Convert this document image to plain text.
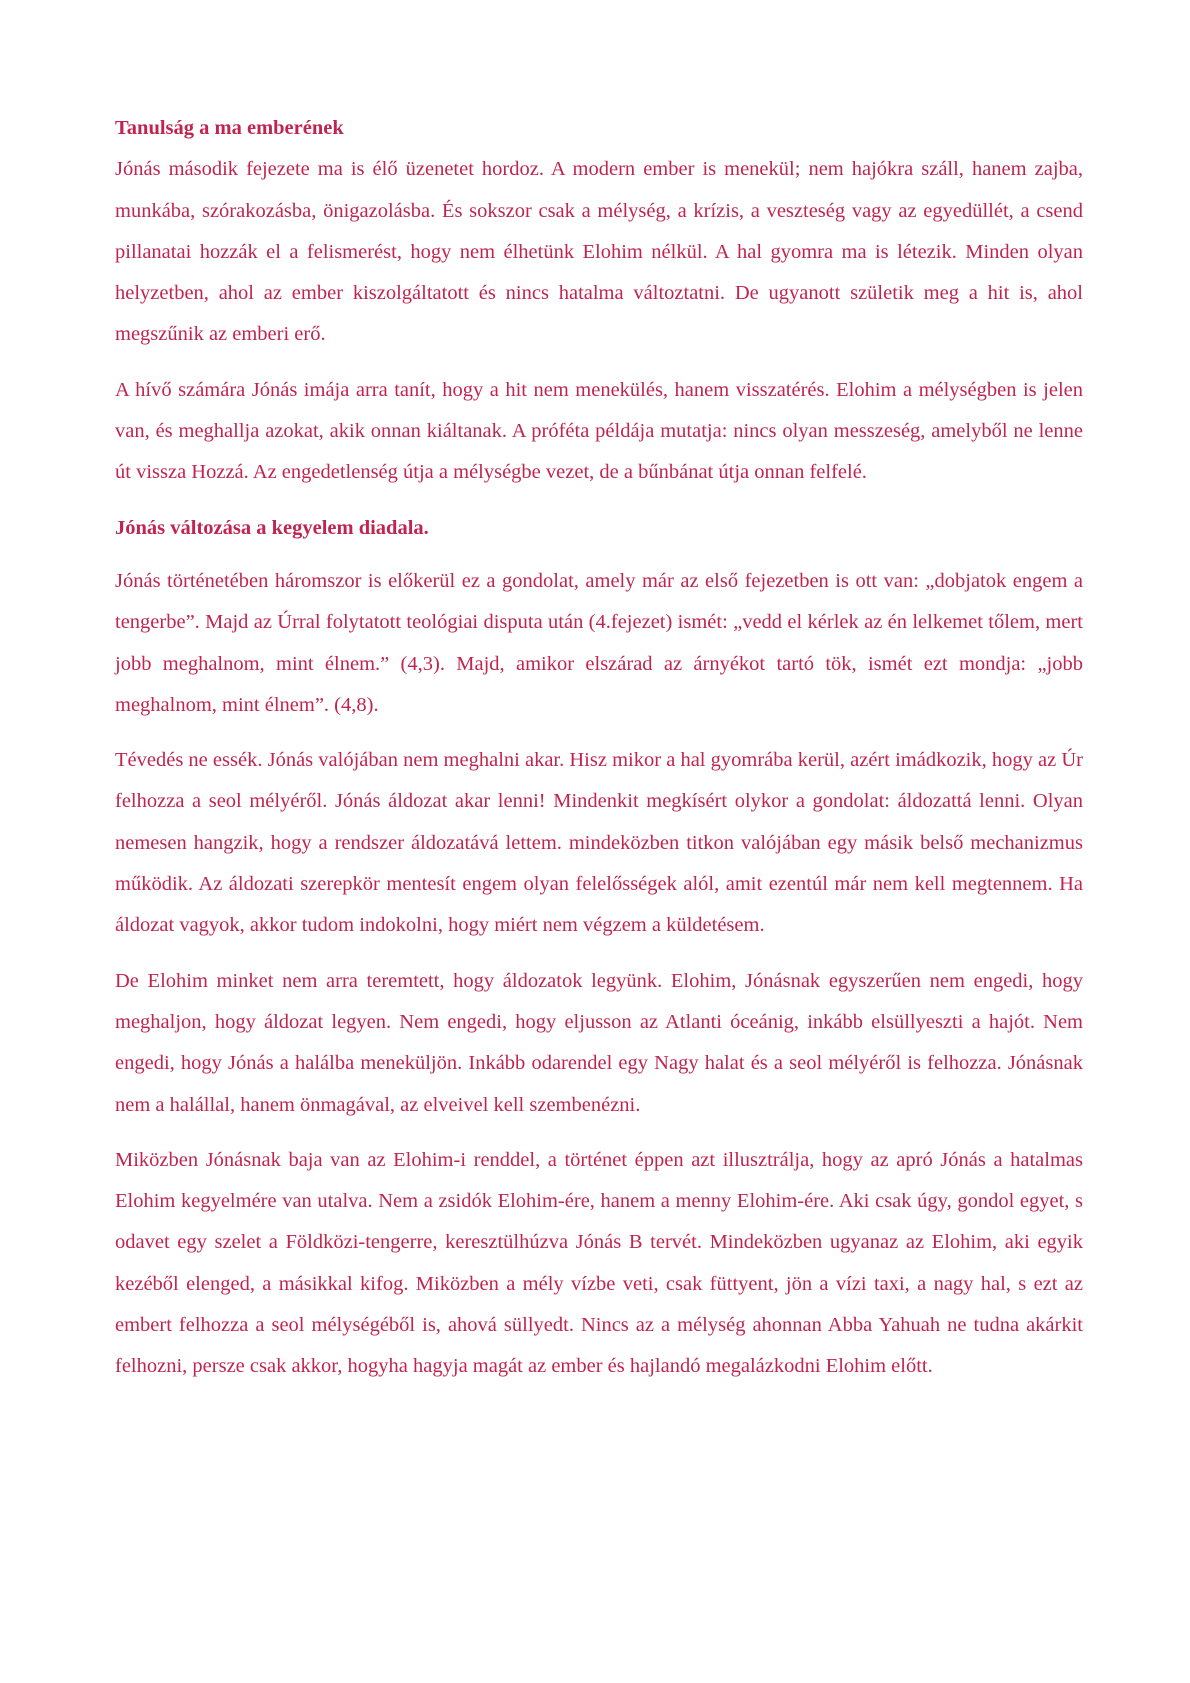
Tanulság a ma emberének

Jónás második fejezete ma is élő üzenetet hordoz. A modern ember is menekül; nem hajókra száll, hanem zajba, munkába, szórakozásba, önigazolásba. És sokszor csak a mélység, a krízis, a veszteség vagy az egyedüllét, a csend pillanatai hozzák el a felismerést, hogy nem élhetünk Elohim nélkül. A hal gyomra ma is létezik. Minden olyan helyzetben, ahol az ember kiszolgáltatott és nincs hatalma változtatni. De ugyanott születik meg a hit is, ahol megszűnik az emberi erő.

A hívő számára Jónás imája arra tanít, hogy a hit nem menekülés, hanem visszatérés. Elohim a mélységben is jelen van, és meghallja azokat, akik onnan kiáltanak. A próféta példája mutatja: nincs olyan messzeség, amelyből ne lenne út vissza Hozzá. Az engedetlenség útja a mélységbe vezet, de a bűnbánat útja onnan felfelé.

Jónás változása a kegyelem diadala.

Jónás történetében háromszor is előkerül ez a gondolat, amely már az első fejezetben is ott van: „dobjatok engem a tengerbe”. Majd az Úrral folytatott teológiai disputa után (4.fejezet) ismét: „vedd el kérlek az én lelkemet tőlem, mert jobb meghalnom, mint élnem.” (4,3). Majd, amikor elszárad az árnyékot tartó tök, ismét ezt mondja: „jobb meghalnom, mint élnem”. (4,8).

Tévedés ne essék. Jónás valójában nem meghalni akar. Hisz mikor a hal gyomrába kerül, azért imádkozik, hogy az Úr felhozza a seol mélyéről. Jónás áldozat akar lenni! Mindenkit megkísért olykor a gondolat: áldozattá lenni. Olyan nemesen hangzik, hogy a rendszer áldozatává lettem. mindeközben titkon valójában egy másik belső mechanizmus működik. Az áldozati szerepkör mentesít engem olyan felelősségek alól, amit ezentúl már nem kell megtennem. Ha áldozat vagyok, akkor tudom indokolni, hogy miért nem végzem a küldetésem.

De Elohim minket nem arra teremtett, hogy áldozatok legyünk. Elohim, Jónásnak egyszerűen nem engedi, hogy meghaljon, hogy áldozat legyen. Nem engedi, hogy eljusson az Atlanti óceánig, inkább elsüllyeszti a hajót. Nem engedi, hogy Jónás a halálba meneküljön. Inkább odarendel egy Nagy halat és a seol mélyéről is felhozza. Jónásnak nem a halállal, hanem önmagával, az elveivel kell szembenézni.

Miközben Jónásnak baja van az Elohim-i renddel, a történet éppen azt illusztrálja, hogy az apró Jónás a hatalmas Elohim kegyelmére van utalva. Nem a zsidók Elohim-ére, hanem a menny Elohim-ére. Aki csak úgy, gondol egyet, s odavet egy szelet a Földközi-tengerre, keresztülhúzva Jónás B tervét. Mindeközben ugyanaz az Elohim, aki egyik kezéből elenged, a másikkal kifog. Miközben a mély vízbe veti, csak füttyent, jön a vízi taxi, a nagy hal, s ezt az embert felhozza a seol mélységéből is, ahová süllyedt. Nincs az a mélység ahonnan Abba Yahuah ne tudna akárkit felhozni, persze csak akkor, hogyha hagyja magát az ember és hajlandó megalázkodni Elohim előtt.
